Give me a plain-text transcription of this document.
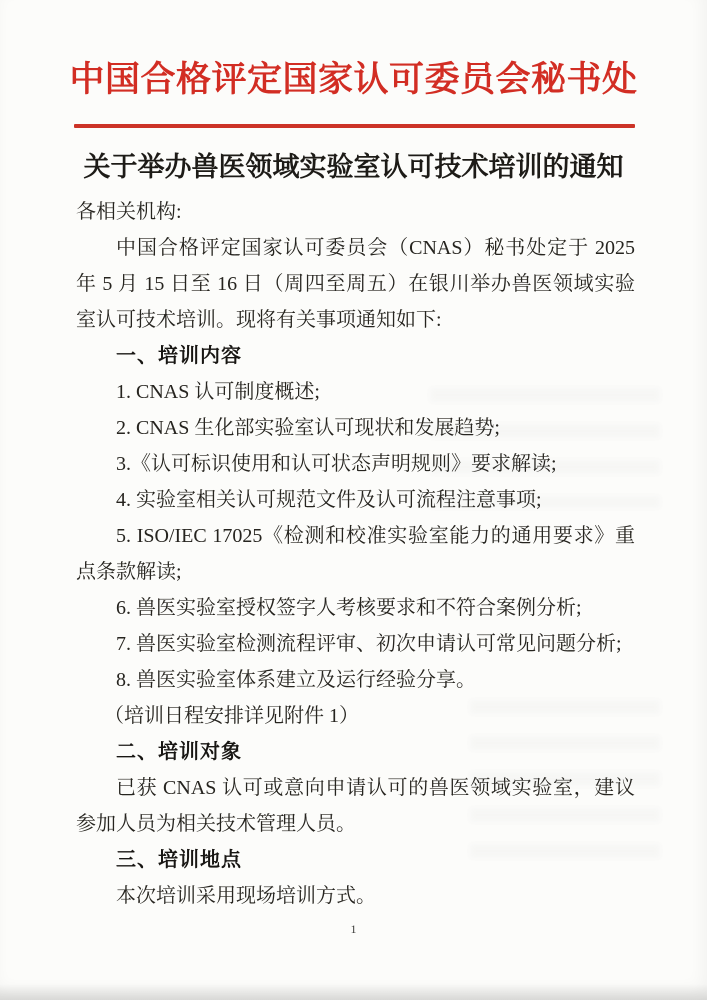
中国合格评定国家认可委员会秘书处
关于举办兽医领域实验室认可技术培训的通知

各相关机构:

中国合格评定国家认可委员会（CNAS）秘书处定于 2025 年 5 月 15 日至 16 日（周四至周五）在银川举办兽医领域实验室认可技术培训。现将有关事项通知如下:

一、培训内容

1. CNAS 认可制度概述;

2. CNAS 生化部实验室认可现状和发展趋势;

3.《认可标识使用和认可状态声明规则》要求解读;

4. 实验室相关认可规范文件及认可流程注意事项;

5. ISO/IEC 17025《检测和校准实验室能力的通用要求》重点条款解读;

6. 兽医实验室授权签字人考核要求和不符合案例分析;

7. 兽医实验室检测流程评审、初次申请认可常见问题分析;

8. 兽医实验室体系建立及运行经验分享。

（培训日程安排详见附件 1）

二、培训对象

已获 CNAS 认可或意向申请认可的兽医领域实验室，建议参加人员为相关技术管理人员。

三、培训地点

本次培训采用现场培训方式。

1
